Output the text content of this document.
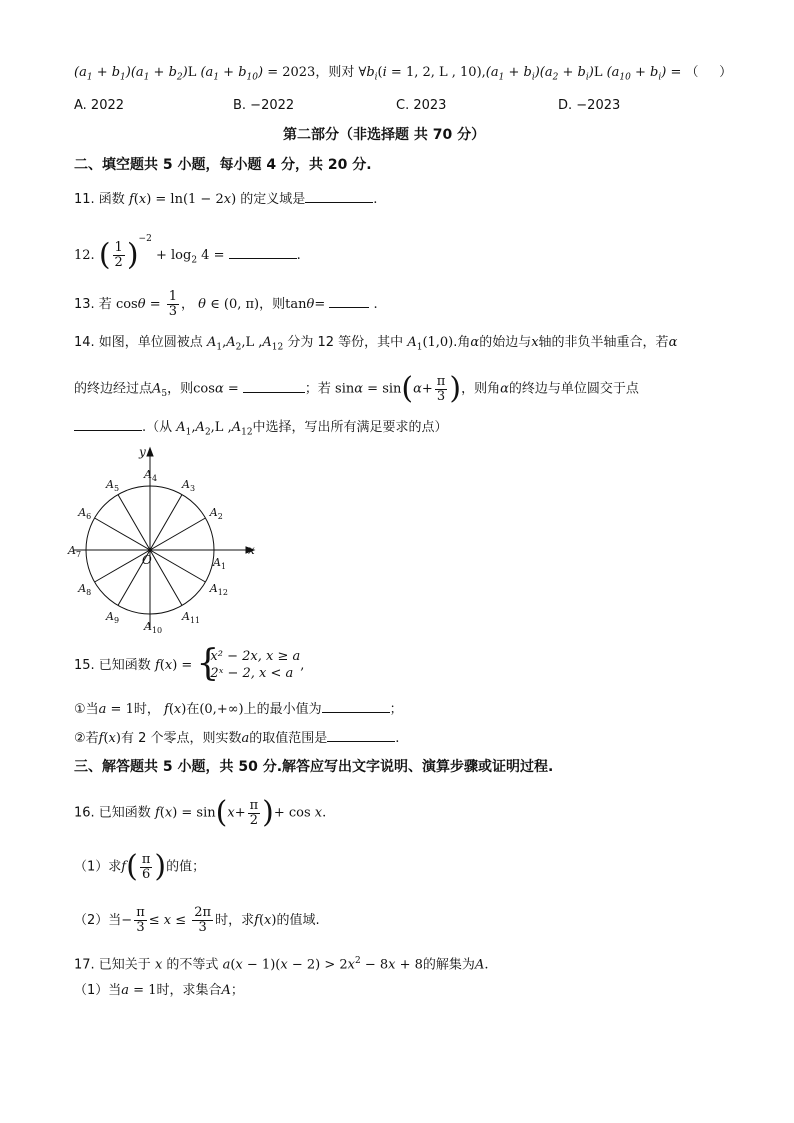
$(a_1 + b_1)(a_1 + b_2)L$ $(a_1 + b_{10}) = 2023$，则对 $\forall b_i(i = 1$, 2, L , $10),(a_1 + b_i)(a_2 + b_i)L$ $(a_{10} + b_i)$ = （     ）
A. 2022	B. −2022	C. 2023	D. −2023
第二部分（非选择题 共 70 分）
二、填空题共 5 小题，每小题 4 分，共 20 分.
11. 函数 f(x) = ln(1 − 2x) 的定义域是	.
12. ( $\frac{1}{2} )^{-2} + \log_2 4$ =	.
13. 若 $\cos\theta = \frac{1}{3}$ ， θ ∈ (0, π)，则tanθ=	.
14. 如图，单位圆被点 $A_1,A_2,L$ $,A_{12}$ 分为 12 等份，其中 $A_1(1,0)$.角α的始边与x轴的非负半轴重合，若α
的终边经过点$A_5$，则cosα =	；若 $\sin\alpha = \sin(\alpha+ \frac{\pi}{3}$ )，则角α的终边与单位圆交于点
.（从 $A_1,A_2,L$ $,A_{12}$中选择，写出所有满足要求的点）
x
y
O	$A_1$
$A_2$
$A_3$
$A_4$
$A_5$
$A_6$
$A_7$
$A_8$
$A_9$ $A_{10}$
$A_{11}$
$A_{12}$
15. 已知函数 f(x) = {
x² − 2x, x ≥ a
2ˣ − 2, x < a
,
①当a = 1时， f(x)在(0,+∞)上的最小值为	；
②若f(x)有 2 个零点，则实数a的取值范围是	.
三、解答题共 5 小题，共 50 分.解答应写出文字说明、演算步骤或证明过程.
16. 已知函数 $f(x) = \sin(x+ \frac{\pi}{2}$ )+ cos x.
（1）求$f( \frac{\pi}{6}$ )的值；
（2）当− $\frac{\pi}{3} \le x \le \frac{2\pi}{3}$ 时，求f(x)的值域.
17. 已知关于 x 的不等式 $a(x - 1)(x - 2) > 2x^2 - 8x + 8$的解集为A.
（1）当a = 1时，求集合A；
